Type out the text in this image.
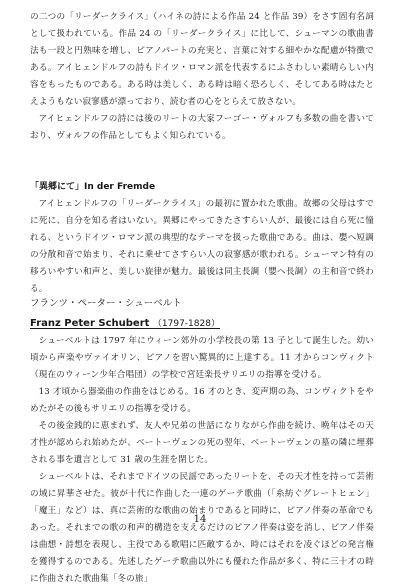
の二つの「リーダークライス」（ハイネの詩による作品 24 と作品 39）をさす固有名詞として扱われている。作品 24 の「リーダークライス」に比して、シューマンの歌曲書法も一段と円熟味を増し、ピアノパートの充実と、言葉に対する細やかな配慮が特徴である。アイヒェンドルフの詩もドイツ・ロマン派を代表するにふさわしい素晴らしい内容をもったものである。ある時は美しく、ある時は暗く恐ろしく、そしてある時はたとえようもない寂寥感が漂っており、読む者の心をとらえて放さない。

アイヒェンドルフの詩には後のリートの大家フーゴー・ヴォルフも多数の曲を書いており、ヴォルフの作品としてもよく知られている。

「異郷にて」In der Fremde

アイヒェンドルフの「リーダークライス」の最初に置かれた歌曲。故郷の父母はすでに死に、自分を知る者はいない。異郷にやってきたさすらい人が、最後には自ら死に憧れる、というドイツ・ロマン派の典型的なテーマを扱った歌曲である。曲は、嬰ヘ短調の分散和音で始まり、それに乗せてさすらい人の寂寥感が歌われる。シューマン特有の移ろいやすい和声と、美しい旋律が魅力。最後は同主長調（嬰ヘ長調）の主和音で終わる。

フランツ・ペーター・シューベルト

Franz Peter Schubert （1797-1828）

シューベルトは 1797 年にウィーン郊外の小学校長の第 13 子として誕生した。幼い頃から声楽やヴァイオリン、ピアノを習い驚異的に上達する。11 才からコンヴィクト（現在のウィーン少年合唱団）の学校で宮廷楽長サリエリの指導を受ける。

13 才頃から器楽曲の作曲をはじめる。16 才のとき、変声期の為、コンヴィクトをやめたがその後もサリエリの指導を受ける。

その後金銭的に恵まれず、友人や兄弟の世話になりながら作曲を続け、晩年はその天才性が認められ始めたが、ベートーヴェンの死の翌年、ベートーヴェンの墓の隣に埋葬される事を遺言として 31 歳の生涯を閉じた。

シューベルトは、それまでドイツの民謡であったリートを、その天才性を持って芸術の域に昇華させた。彼が十代に作曲した一連のゲーテ歌曲（「糸紡ぐグレートヒェン」「魔王」など）は、真に芸術的な歌曲の始まりであると同時に、ピアノ伴奏の革命でもあった。それまでの歌の和声的構造を支えるだけのピアノ伴奏は姿を消し、ピアノ伴奏は曲想・詩想を表現し、主役である歌唱に匹敵するか、時にはそれを凌ぐほどの発言権を獲得するのである。先述したゲーテ歌曲以外にも優れた作品が多く、特に三十才の時に作曲された歌曲集「冬の旅」

14
